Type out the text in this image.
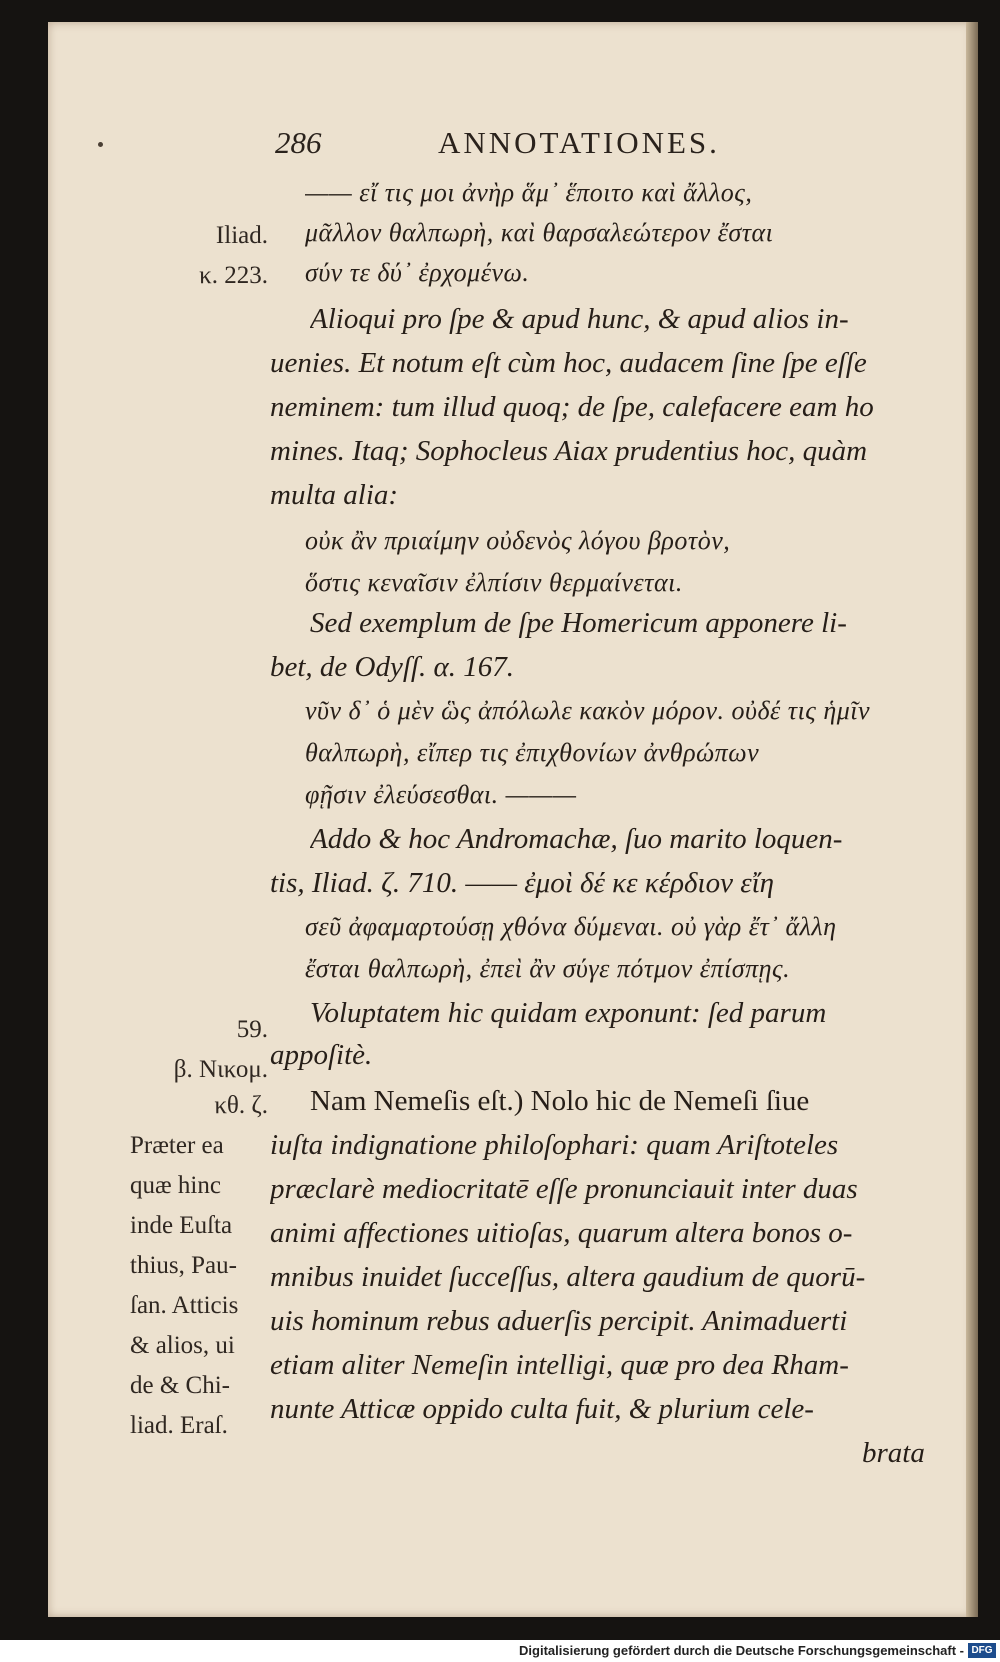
286	ANNOTATIONES.
—— εἴ τις μοι ἀνὴρ ἅμ᾽ ἕποιτο καὶ ἄλλος,
μᾶλλον θαλπωρὴ, καὶ θαρσαλεώτερον ἔσται
σύν τε δύ᾽ ἐρχομένω.
Alioqui pro ſpe & apud hunc, & apud alios in-
uenies. Et notum eſt cùm hoc, audacem ſine ſpe eſſe
neminem: tum illud quoq; de ſpe, calefacere eam ho
mines. Itaq; Sophocleus Aiax prudentius hoc, quàm
multa alia:
οὐκ ἂν πριαίμην οὐδενὸς λόγου βροτὸν,
ὅστις κεναῖσιν ἐλπίσιν θερμαίνεται.
Sed exemplum de ſpe Homericum apponere li-
bet, de Odyſſ. α. 167.
νῦν δ᾽ ὁ μὲν ὣς ἀπόλωλε κακὸν μόρον. οὐδέ τις ἡμῖν
θαλπωρὴ, εἴπερ τις ἐπιχθονίων ἀνθρώπων
φῇσιν ἐλεύσεσθαι. ———
Addo & hoc Andromachæ, ſuo marito loquen-
tis, Iliad. ζ. 710. —— ἐμοὶ δέ κε κέρδιον εἴη
σεῦ ἀφαμαρτούσῃ χθόνα δύμεναι. οὐ γὰρ ἔτ᾽ ἄλλη
ἔσται θαλπωρὴ, ἐπεὶ ἂν σύγε πότμον ἐπίσπῃς.
Voluptatem hic quidam exponunt: ſed parum
appoſitè.
Nam Nemeſis eſt.) Nolo hic de Nemeſi ſiue
iuſta indignatione philoſophari: quam Ariſtoteles
præclarè mediocritatē eſſe pronunciauit inter duas
animi affectiones uitioſas, quarum altera bonos o-
mnibus inuidet ſucceſſus, altera gaudium de quorū-
uis hominum rebus aduerſis percipit. Animaduerti
etiam aliter Nemeſin intelligi, quæ pro dea Rham-
nunte Atticæ oppido culta fuit, & plurium cele-
brata
Iliad.
κ. 223.
59.
β. Nικομ.
κθ. ζ.
Præter ea
quæ hinc
inde Euſta
thius, Pau-
ſan. Atticis
& alios, ui
de & Chi-
liad. Eraſ.
Digitalisierung gefördert durch die Deutsche Forschungsgemeinschaft - DFG
